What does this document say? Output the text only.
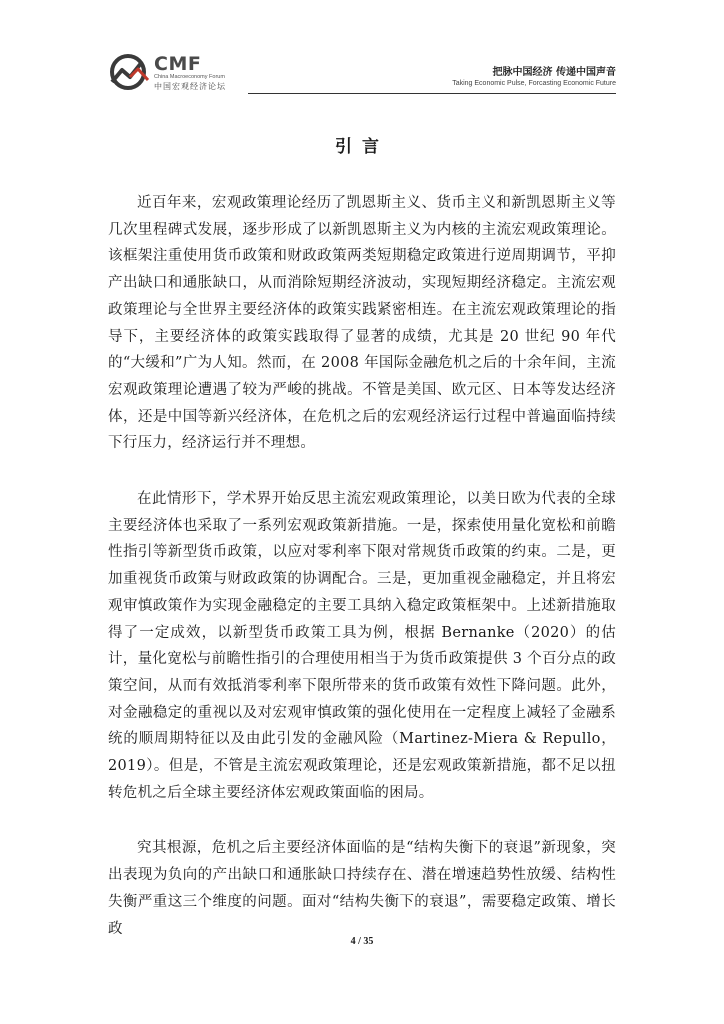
CMF
China Macroeconomy Forum
中国宏观经济论坛
把脉中国经济 传递中国声音
Taking Economic Pulse, Forcasting Economic Future
引言

近百年来，宏观政策理论经历了凯恩斯主义、货币主义和新凯恩斯主义等几次里程碑式发展，逐步形成了以新凯恩斯主义为内核的主流宏观政策理论。该框架注重使用货币政策和财政政策两类短期稳定政策进行逆周期调节，平抑产出缺口和通胀缺口，从而消除短期经济波动，实现短期经济稳定。主流宏观政策理论与全世界主要经济体的政策实践紧密相连。在主流宏观政策理论的指导下，主要经济体的政策实践取得了显著的成绩，尤其是 20 世纪 90 年代的“大缓和”广为人知。然而，在 2008 年国际金融危机之后的十余年间，主流宏观政策理论遭遇了较为严峻的挑战。不管是美国、欧元区、日本等发达经济体，还是中国等新兴经济体，在危机之后的宏观经济运行过程中普遍面临持续下行压力，经济运行并不理想。

在此情形下，学术界开始反思主流宏观政策理论，以美日欧为代表的全球主要经济体也采取了一系列宏观政策新措施。一是，探索使用量化宽松和前瞻性指引等新型货币政策，以应对零利率下限对常规货币政策的约束。二是，更加重视货币政策与财政政策的协调配合。三是，更加重视金融稳定，并且将宏观审慎政策作为实现金融稳定的主要工具纳入稳定政策框架中。上述新措施取得了一定成效，以新型货币政策工具为例，根据 Bernanke（2020）的估计，量化宽松与前瞻性指引的合理使用相当于为货币政策提供 3 个百分点的政策空间，从而有效抵消零利率下限所带来的货币政策有效性下降问题。此外，对金融稳定的重视以及对宏观审慎政策的强化使用在一定程度上减轻了金融系统的顺周期特征以及由此引发的金融风险（Martinez-Miera & Repullo，2019）。但是，不管是主流宏观政策理论，还是宏观政策新措施，都不足以扭转危机之后全球主要经济体宏观政策面临的困局。

究其根源，危机之后主要经济体面临的是“结构失衡下的衰退”新现象，突出表现为负向的产出缺口和通胀缺口持续存在、潜在增速趋势性放缓、结构性失衡严重这三个维度的问题。面对“结构失衡下的衰退”，需要稳定政策、增长政

4 / 35
